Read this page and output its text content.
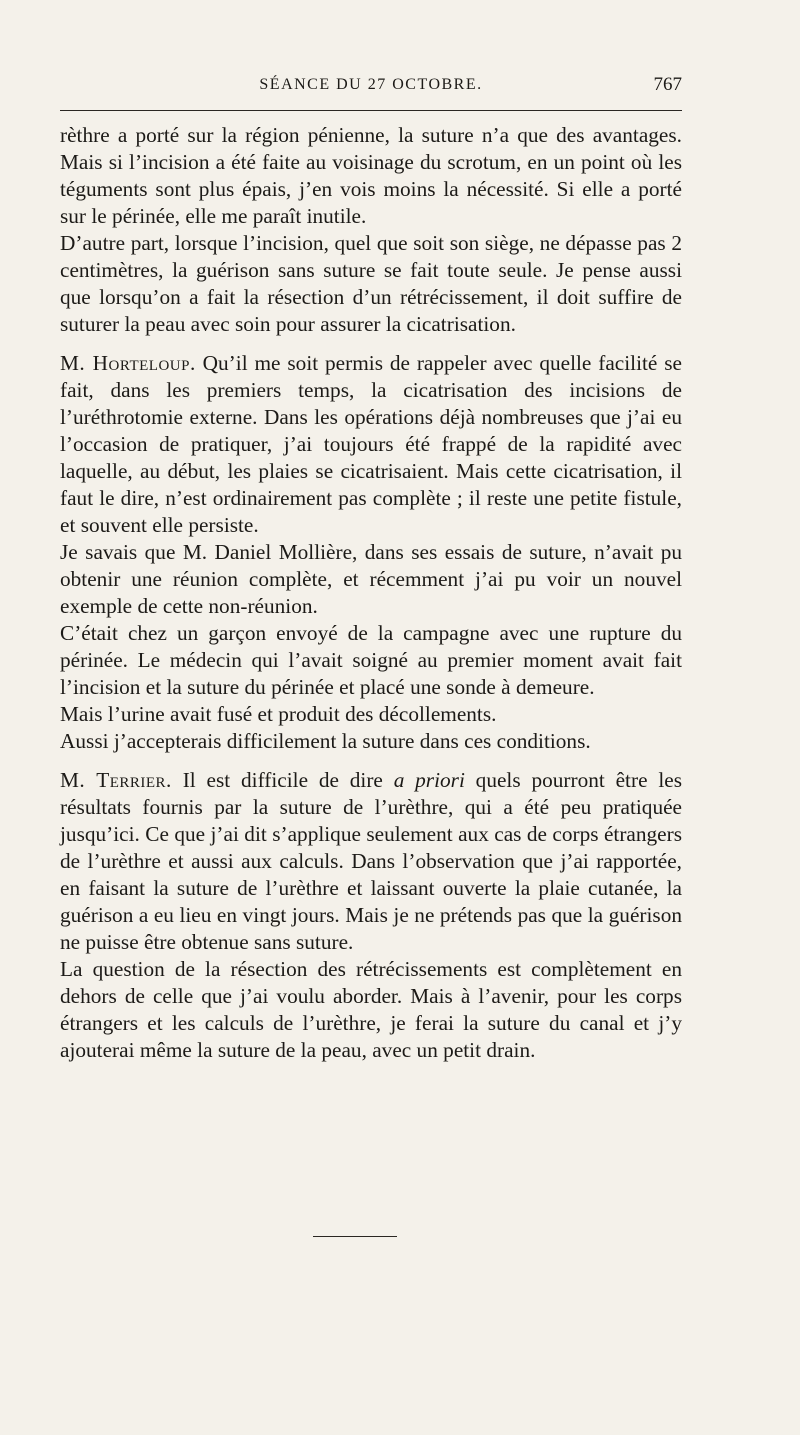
SÉANCE DU 27 OCTOBRE.	767

rèthre a porté sur la région pénienne, la suture n’a que des avantages. Mais si l’incision a été faite au voisinage du scrotum, en un point où les téguments sont plus épais, j’en vois moins la nécessité. Si elle a porté sur le périnée, elle me paraît inutile.

D’autre part, lorsque l’incision, quel que soit son siège, ne dépasse pas 2 centimètres, la guérison sans suture se fait toute seule. Je pense aussi que lorsqu’on a fait la résection d’un rétrécissement, il doit suffire de suturer la peau avec soin pour assurer la cicatrisation.

M. Horteloup. Qu’il me soit permis de rappeler avec quelle facilité se fait, dans les premiers temps, la cicatrisation des incisions de l’uréthrotomie externe. Dans les opérations déjà nombreuses que j’ai eu l’occasion de pratiquer, j’ai toujours été frappé de la rapidité avec laquelle, au début, les plaies se cicatrisaient. Mais cette cicatrisation, il faut le dire, n’est ordinairement pas complète ; il reste une petite fistule, et souvent elle persiste.

Je savais que M. Daniel Mollière, dans ses essais de suture, n’avait pu obtenir une réunion complète, et récemment j’ai pu voir un nouvel exemple de cette non-réunion.

C’était chez un garçon envoyé de la campagne avec une rupture du périnée. Le médecin qui l’avait soigné au premier moment avait fait l’incision et la suture du périnée et placé une sonde à demeure.

Mais l’urine avait fusé et produit des décollements.

Aussi j’accepterais difficilement la suture dans ces conditions.

M. Terrier. Il est difficile de dire a priori quels pourront être les résultats fournis par la suture de l’urèthre, qui a été peu pratiquée jusqu’ici. Ce que j’ai dit s’applique seulement aux cas de corps étrangers de l’urèthre et aussi aux calculs. Dans l’observation que j’ai rapportée, en faisant la suture de l’urèthre et laissant ouverte la plaie cutanée, la guérison a eu lieu en vingt jours. Mais je ne prétends pas que la guérison ne puisse être obtenue sans suture.

La question de la résection des rétrécissements est complètement en dehors de celle que j’ai voulu aborder. Mais à l’avenir, pour les corps étrangers et les calculs de l’urèthre, je ferai la suture du canal et j’y ajouterai même la suture de la peau, avec un petit drain.
